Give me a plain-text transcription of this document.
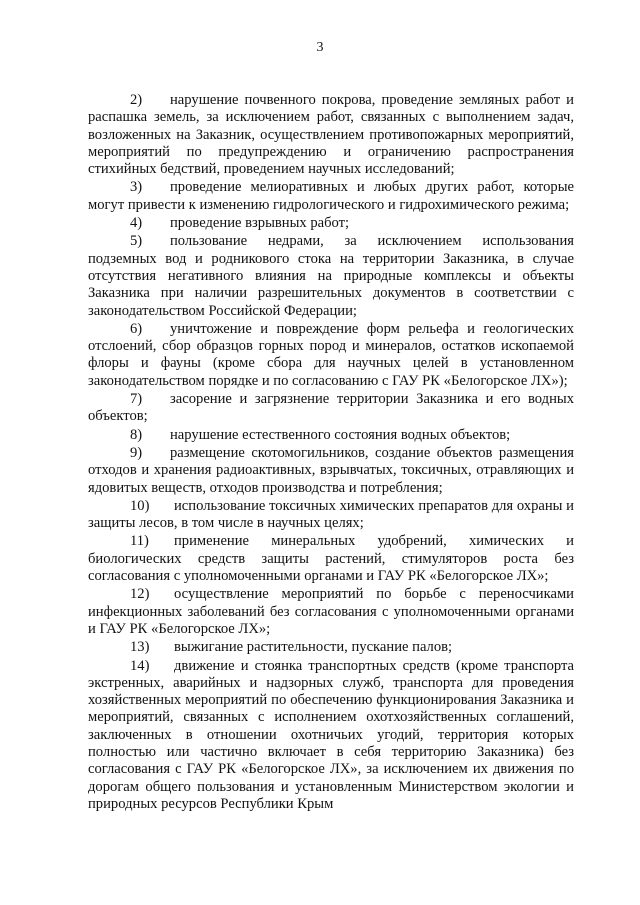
3

2) нарушение почвенного покрова, проведение земляных работ и распашка земель, за исключением работ, связанных с выполнением задач, возложенных на Заказник, осуществлением противопожарных мероприятий, мероприятий по предупреждению и ограничению распространения стихийных бедствий, проведением научных исследований;

3) проведение мелиоративных и любых других работ, которые могут привести к изменению гидрологического и гидрохимического режима;

4) проведение взрывных работ;

5) пользование недрами, за исключением использования подземных вод и родникового стока на территории Заказника, в случае отсутствия негативного влияния на природные комплексы и объекты Заказника при наличии разрешительных документов в соответствии с законодательством Российской Федерации;

6) уничтожение и повреждение форм рельефа и геологических отслоений, сбор образцов горных пород и минералов, остатков ископаемой флоры и фауны (кроме сбора для научных целей в установленном законодательством порядке и по согласованию с ГАУ РК «Белогорское ЛХ»);

7) засорение и загрязнение территории Заказника и его водных объектов;

8) нарушение естественного состояния водных объектов;

9) размещение скотомогильников, создание объектов размещения отходов и хранения радиоактивных, взрывчатых, токсичных, отравляющих и ядовитых веществ, отходов производства и потребления;

10) использование токсичных химических препаратов для охраны и защиты лесов, в том числе в научных целях;

11) применение минеральных удобрений, химических и биологических средств защиты растений, стимуляторов роста без согласования с уполномоченными органами и ГАУ РК «Белогорское ЛХ»;

12) осуществление мероприятий по борьбе с переносчиками инфекционных заболеваний без согласования с уполномоченными органами и ГАУ РК «Белогорское ЛХ»;

13) выжигание растительности, пускание палов;

14) движение и стоянка транспортных средств (кроме транспорта экстренных, аварийных и надзорных служб, транспорта для проведения хозяйственных мероприятий по обеспечению функционирования Заказника и мероприятий, связанных с исполнением охотхозяйственных соглашений, заключенных в отношении охотничьих угодий, территория которых полностью или частично включает в себя территорию Заказника) без согласования с ГАУ РК «Белогорское ЛХ», за исключением их движения по дорогам общего пользования и установленным Министерством экологии и природных ресурсов Республики Крым
